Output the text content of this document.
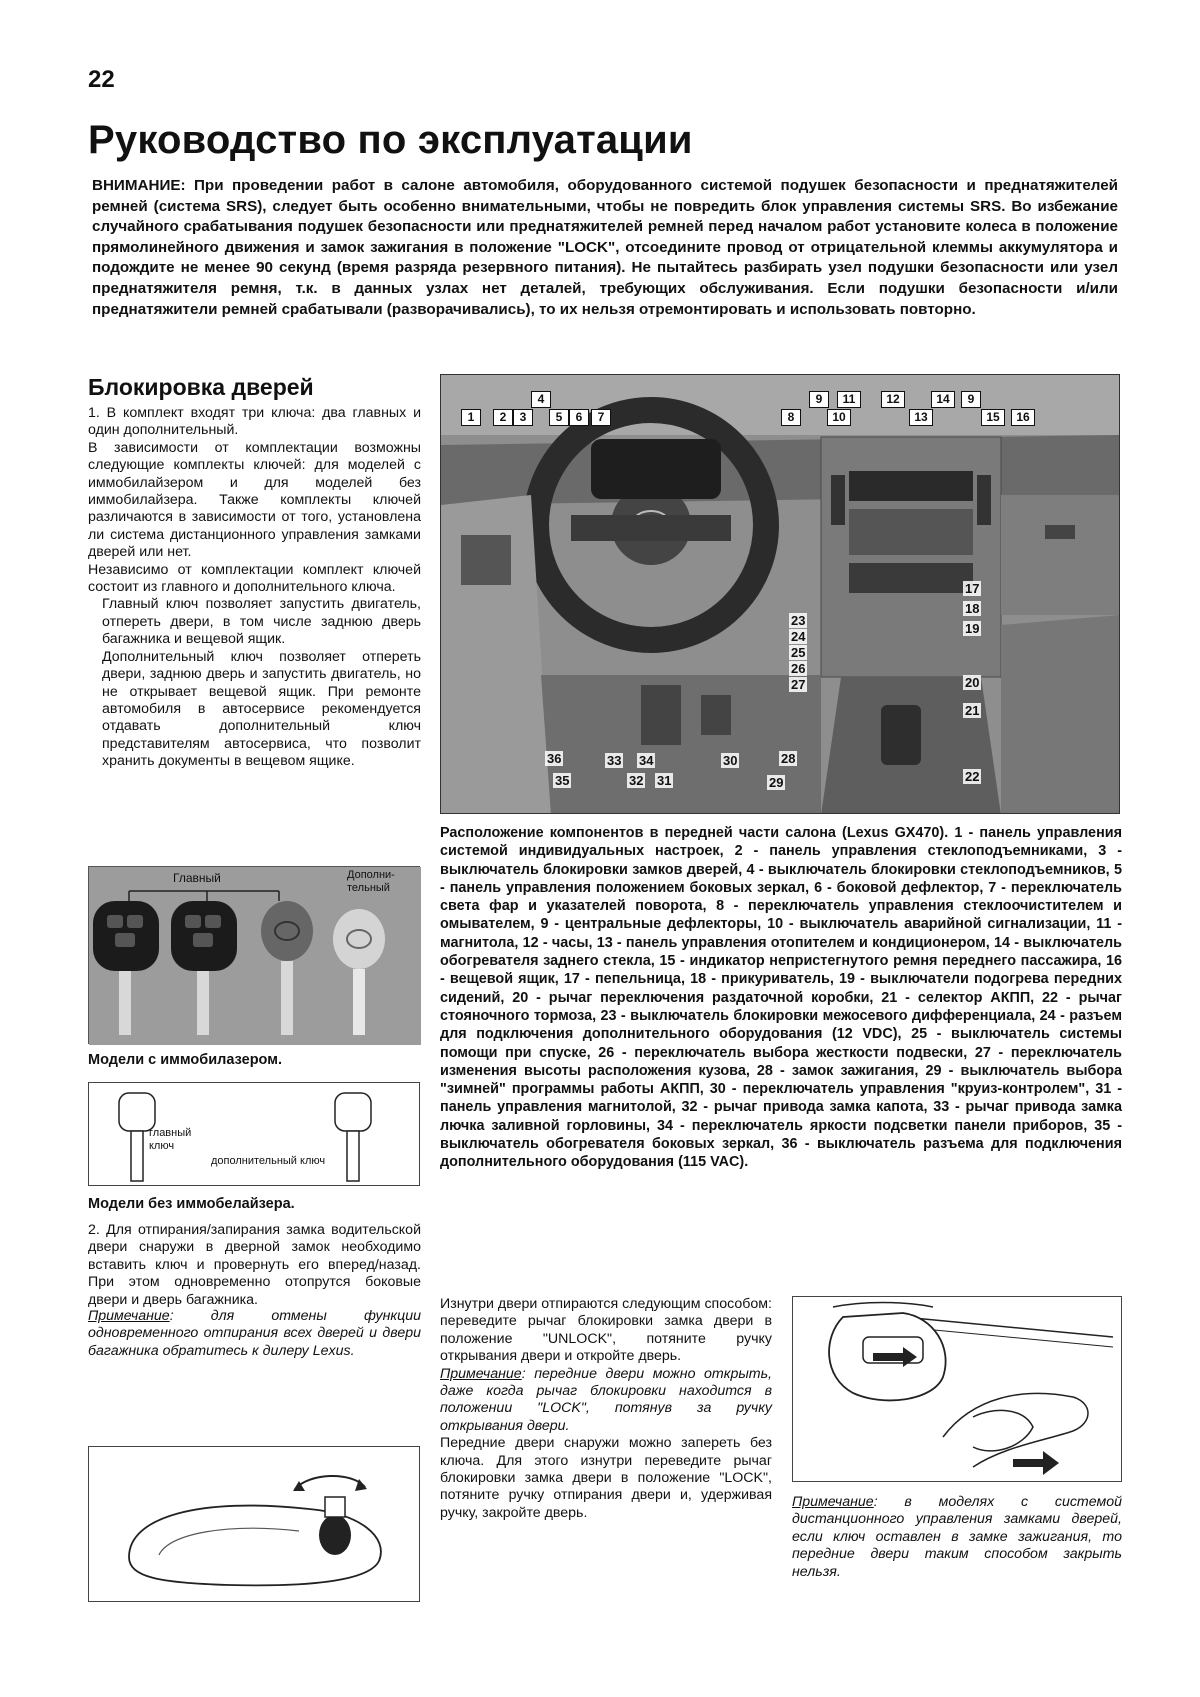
22
Руководство по эксплуатации
ВНИМАНИЕ: При проведении работ в салоне автомобиля, оборудованного системой подушек безопасности и преднатяжителей ремней (система SRS), следует быть особенно внимательными, чтобы не повредить блок управления системы SRS. Во избежание случайного срабатывания подушек безопасности или преднатяжителей ремней перед началом работ установите колеса в положение прямолинейного движения и замок зажигания в положение "LOCK", отсоедините провод от отрицательной клеммы аккумулятора и подождите не менее 90 секунд (время разряда резервного питания). Не пытайтесь разбирать узел подушки безопасности или узел преднатяжителя ремня, т.к. в данных узлах нет деталей, требующих обслуживания. Если подушки безопасности и/или преднатяжители ремней срабатывали (разворачивались), то их нельзя отремонтировать и использовать повторно.
Блокировка дверей
1. В комплект входят три ключа: два главных и один дополнительный.
В зависимости от комплектации возможны следующие комплекты ключей: для моделей с иммобилайзером и для моделей без иммобилайзера. Также комплекты ключей различаются в зависимости от того, установлена ли система дистанционного управления замками дверей или нет.
Независимо от комплектации комплект ключей состоит из главного и дополнительного ключа.
Главный ключ позволяет запустить двигатель, отпереть двери, в том числе заднюю дверь багажника и вещевой ящик.
Дополнительный ключ позволяет отпереть двери, заднюю дверь и запустить двигатель, но не открывает вещевой ящик. При ремонте автомобиля в автосервисе рекомендуется отдавать дополнительный ключ представителям автосервиса, что позволит хранить документы в вещевом ящике.
Главный	Дополни-тельный
Модели с иммобилазером.
главный ключ
дополнительный ключ
Модели без иммобелайзера.
2. Для отпирания/запирания замка водительской двери снаружи в дверной замок необходимо вставить ключ и провернуть его вперед/назад. При этом одновременно отопрутся боковые двери и дверь багажника.
Примечание: для отмены функции одновременного отпирания всех дверей и двери багажника обратитесь к дилеру Lexus.
1	2	3
4
5	6	7	8
9
10
11	12
13
14	9
15	16
17
18
19
20
21
22
23
24
25
26
27
28
29
30
31
32
33 34
35
36
Расположение компонентов в передней части салона (Lexus GX470). 1 - панель управления системой индивидуальных настроек, 2 - панель управления стеклоподъемниками, 3 - выключатель блокировки замков дверей, 4 - выключатель блокировки стеклоподъемников, 5 - панель управления положением боковых зеркал, 6 - боковой дефлектор, 7 - переключатель света фар и указателей поворота, 8 - переключатель управления стеклоочистителем и омывателем, 9 - центральные дефлекторы, 10 - выключатель аварийной сигнализации, 11 - магнитола, 12 - часы, 13 - панель управления отопителем и кондиционером, 14 - выключатель обогревателя заднего стекла, 15 - индикатор непристегнутого ремня переднего пассажира, 16 - вещевой ящик, 17 - пепельница, 18 - прикуриватель, 19 - выключатели подогрева передних сидений, 20 - рычаг переключения раздаточной коробки, 21 - селектор АКПП, 22 - рычаг стояночного тормоза, 23 - выключатель блокировки межосевого дифференциала, 24 - разъем для подключения дополнительного оборудования (12 VDC), 25 - выключатель системы помощи при спуске, 26 - переключатель выбора жесткости подвески, 27 - переключатель изменения высоты расположения кузова, 28 - замок зажигания, 29 - выключатель выбора "зимней" программы работы АКПП, 30 - переключатель управления "круиз-контролем", 31 - панель управления магнитолой, 32 - рычаг привода замка капота, 33 - рычаг привода замка лючка заливной горловины, 34 - переключатель яркости подсветки панели приборов, 35 - выключатель обогревателя боковых зеркал, 36 - выключатель разъема для подключения дополнительного оборудования (115 VAC).
Изнутри двери отпираются следующим способом: переведите рычаг блокировки замка двери в положение "UNLOCK", потяните ручку открывания двери и откройте дверь.
Примечание: передние двери можно открыть, даже когда рычаг блокировки находится в положении "LOCK", потянув за ручку открывания двери.
Передние двери снаружи можно запереть без ключа. Для этого изнутри переведите рычаг блокировки замка двери в положение "LOCK", потяните ручку отпирания двери и, удерживая ручку, закройте дверь.
Примечание: в моделях с системой дистанционного управления замками дверей, если ключ оставлен в замке зажигания, то передние двери таким способом закрыть нельзя.
